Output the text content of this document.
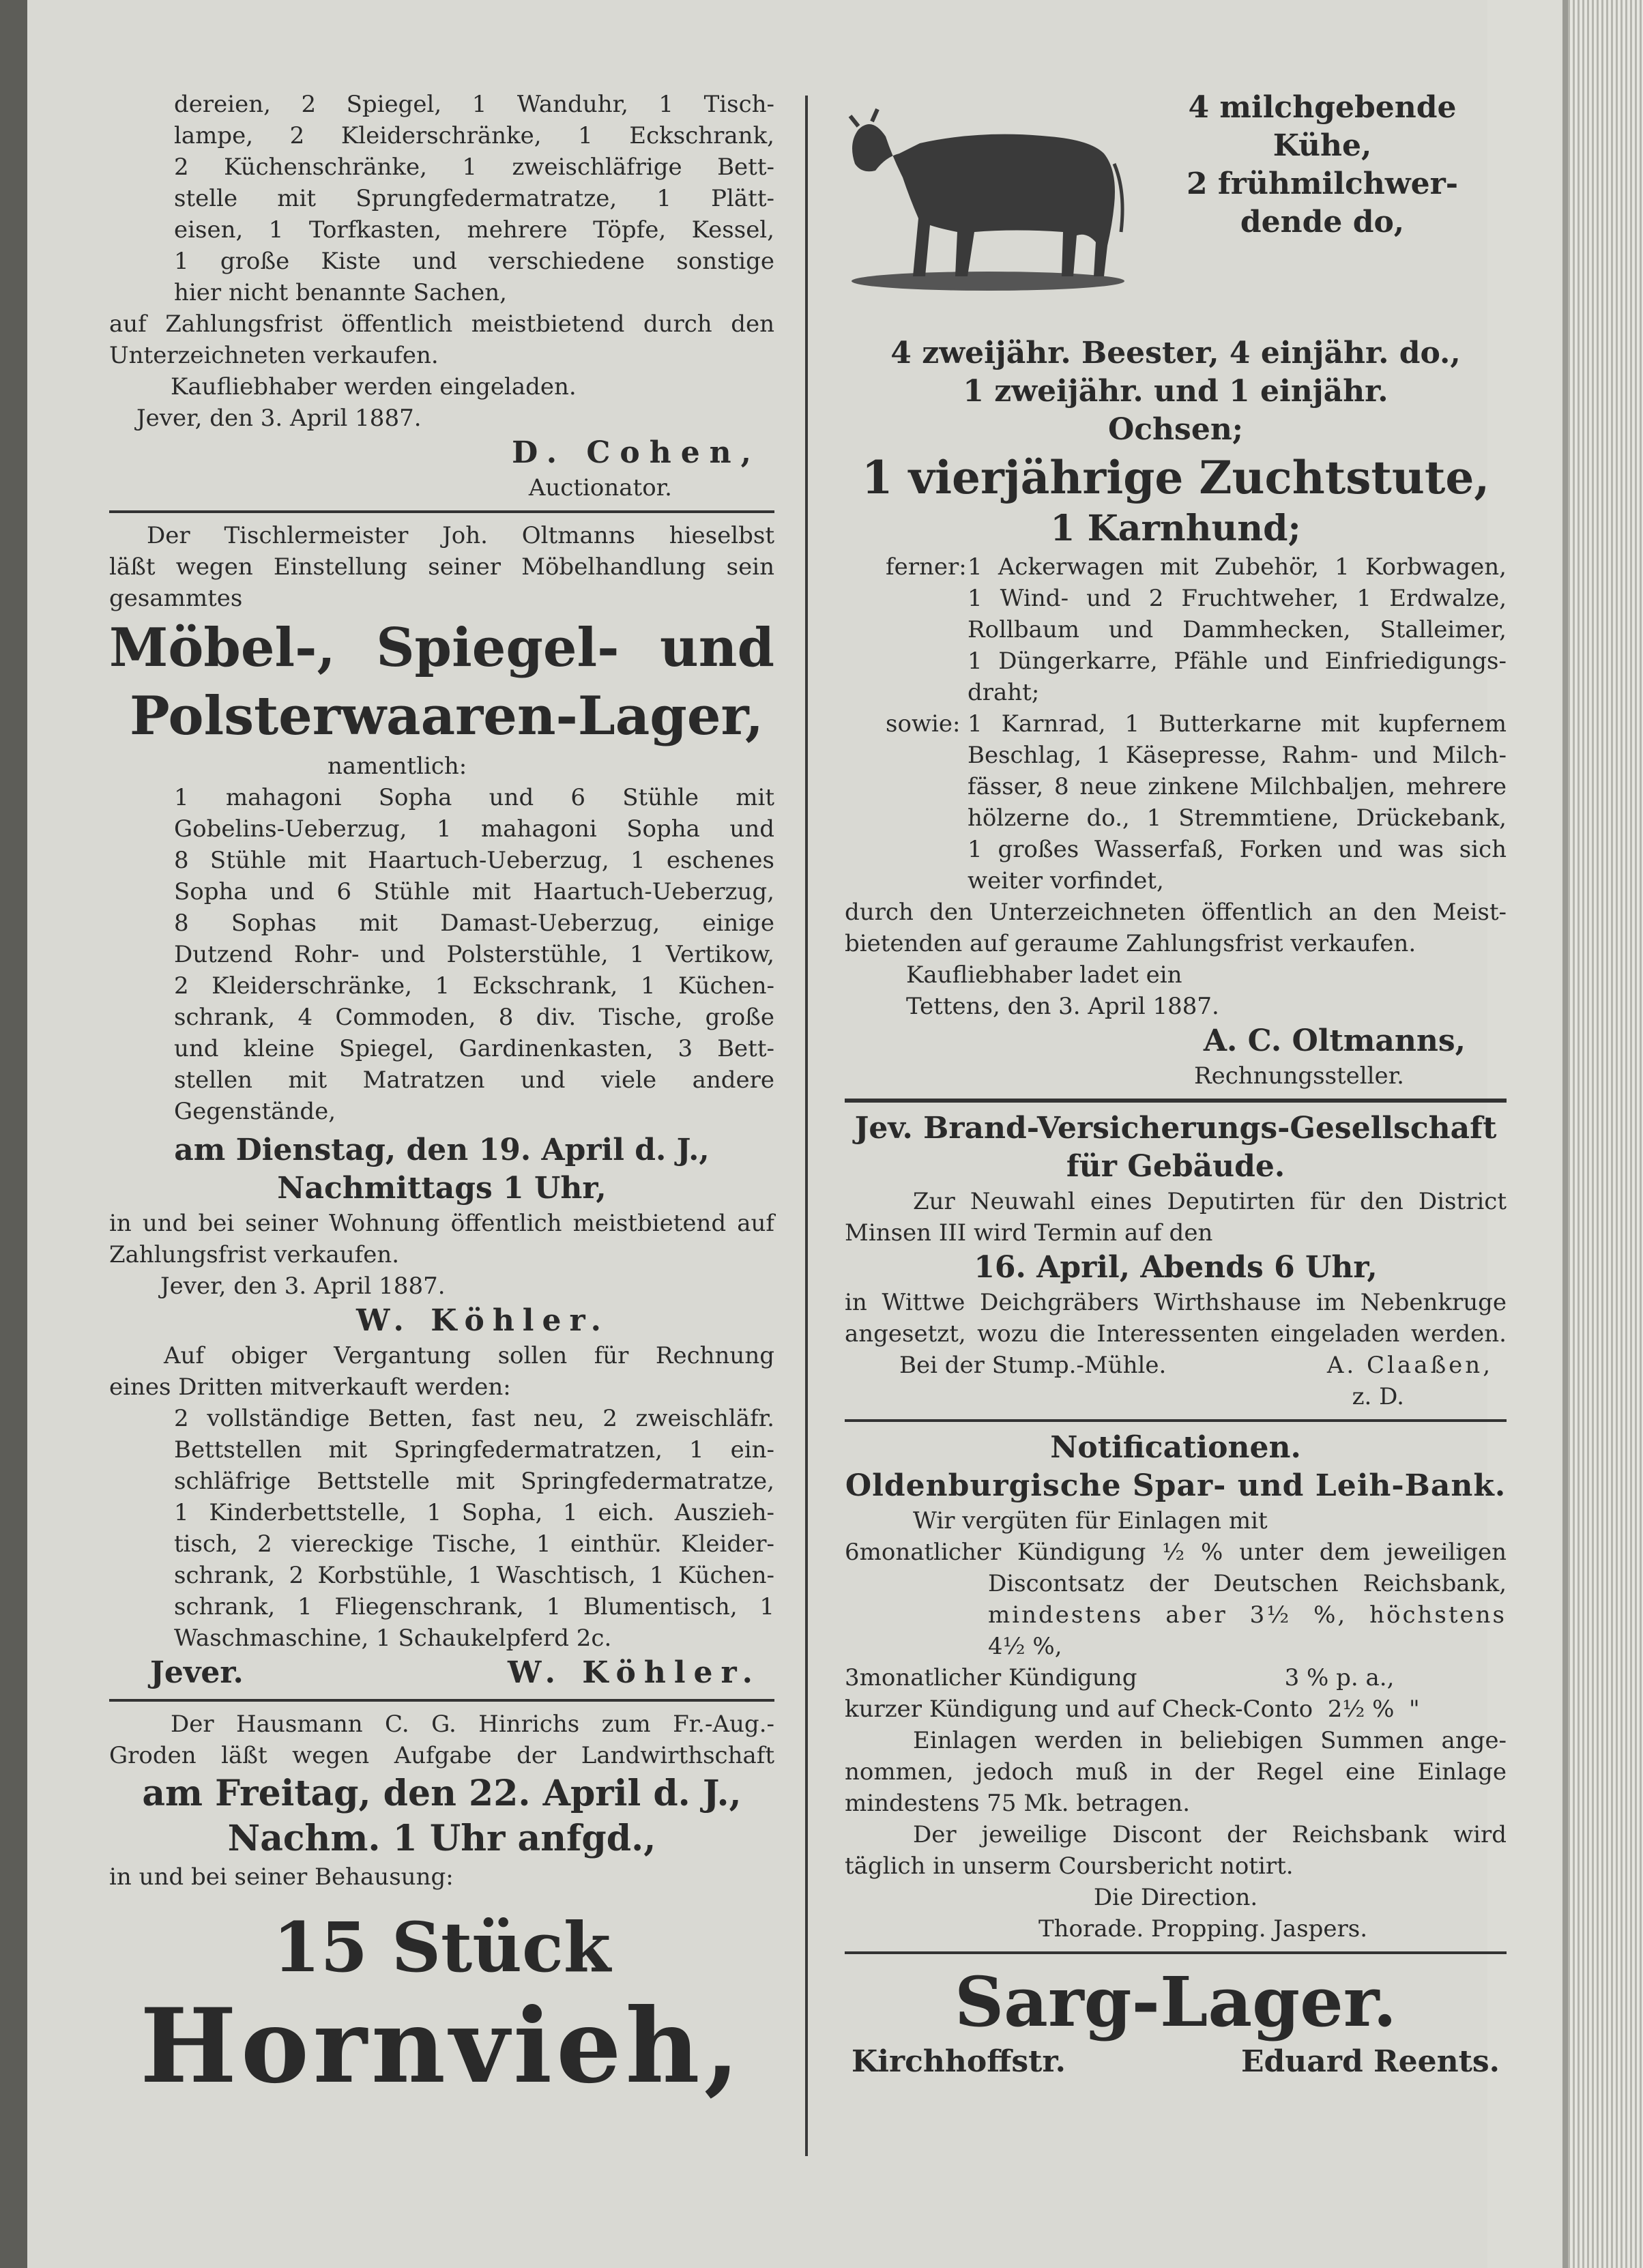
dereien, 2 Spiegel, 1 Wanduhr, 1 Tisch-
lampe, 2 Kleiderschränke, 1 Eckschrank,
2 Küchenschränke, 1 zweischläfrige Bett-
stelle mit Sprungfedermatratze, 1 Plätt-
eisen, 1 Torfkasten, mehrere Töpfe, Kessel,
1 große Kiste und verschiedene sonstige
hier nicht benannte Sachen,
auf Zahlungsfrist öffentlich meistbietend durch den
Unterzeichneten verkaufen.
Kaufliebhaber werden eingeladen.
Jever, den 3. April 1887.
D. Cohen,
Auctionator.
Der Tischlermeister Joh. Oltmanns hieselbst
läßt wegen Einstellung seiner Möbelhandlung sein
gesammtes
Möbel-, Spiegel- und
Polsterwaaren-Lager,
namentlich:
1 mahagoni Sopha und 6 Stühle mit
Gobelins-Ueberzug, 1 mahagoni Sopha und
8 Stühle mit Haartuch-Ueberzug, 1 eschenes
Sopha und 6 Stühle mit Haartuch-Ueberzug,
8 Sophas mit Damast-Ueberzug, einige
Dutzend Rohr- und Polsterstühle, 1 Vertikow,
2 Kleiderschränke, 1 Eckschrank, 1 Küchen-
schrank, 4 Commoden, 8 div. Tische, große
und kleine Spiegel, Gardinenkasten, 3 Bett-
stellen mit Matratzen und viele andere
Gegenstände,
am Dienstag, den 19. April d. J.,
Nachmittags 1 Uhr,
in und bei seiner Wohnung öffentlich meistbietend auf
Zahlungsfrist verkaufen.
Jever, den 3. April 1887.
W. Köhler.
Auf obiger Vergantung sollen für Rechnung
eines Dritten mitverkauft werden:
2 vollständige Betten, fast neu, 2 zweischläfr.
Bettstellen mit Springfedermatratzen, 1 ein-
schläfrige Bettstelle mit Springfedermatratze,
1 Kinderbettstelle, 1 Sopha, 1 eich. Auszieh-
tisch, 2 viereckige Tische, 1 einthür. Kleider-
schrank, 2 Korbstühle, 1 Waschtisch, 1 Küchen-
schrank, 1 Fliegenschrank, 1 Blumentisch, 1
Waschmaschine, 1 Schaukelpferd 2c.
Jever.	W. Köhler.
Der Hausmann C. G. Hinrichs zum Fr.-Aug.-
Groden läßt wegen Aufgabe der Landwirthschaft
am Freitag, den 22. April d. J.,
Nachm. 1 Uhr anfgd.,
in und bei seiner Behausung:
15 Stück
Hornvieh,
4 milchgebende
Kühe,
2 frühmilchwer-
dende do,
4 zweijähr. Beester, 4 einjähr. do.,
1 zweijähr. und 1 einjähr.
Ochsen;
1 vierjährige Zuchtstute,
1 Karnhund;
ferner: 1 Ackerwagen mit Zubehör, 1 Korbwagen,
1 Wind- und 2 Fruchtweher, 1 Erdwalze,
Rollbaum und Dammhecken, Stalleimer,
1 Düngerkarre, Pfähle und Einfriedigungs-
draht;
sowie: 1 Karnrad, 1 Butterkarne mit kupfernem
Beschlag, 1 Käsepresse, Rahm- und Milch-
fässer, 8 neue zinkene Milchbaljen, mehrere
hölzerne do., 1 Stremmtiene, Drückebank,
1 großes Wasserfaß, Forken und was sich
weiter vorfindet,
durch den Unterzeichneten öffentlich an den Meist-
bietenden auf geraume Zahlungsfrist verkaufen.
Kaufliebhaber ladet ein
Tettens, den 3. April 1887.
A. C. Oltmanns,
Rechnungssteller.
Jev. Brand-Versicherungs-Gesellschaft
für Gebäude.
Zur Neuwahl eines Deputirten für den District
Minsen III wird Termin auf den
16. April, Abends 6 Uhr,
in Wittwe Deichgräbers Wirthshause im Nebenkruge
angesetzt, wozu die Interessenten eingeladen werden.
Bei der Stump.-Mühle.	A. Claaßen,
z. D.
Notificationen.
Oldenburgische Spar- und Leih-Bank.
Wir vergüten für Einlagen mit
6monatlicher Kündigung ½ % unter dem jeweiligen
Discontsatz der Deutschen Reichsbank,
mindestens aber 3½ %, höchstens
4½ %,
3monatlicher Kündigung                    3 % p. a.,
kurzer Kündigung und auf Check-Conto  2½ %  "
Einlagen werden in beliebigen Summen ange-
nommen, jedoch muß in der Regel eine Einlage
mindestens 75 Mk. betragen.
Der jeweilige Discont der Reichsbank wird
täglich in unserm Coursbericht notirt.
Die Direction.
Thorade. Propping. Jaspers.
Sarg-Lager.
Kirchhoffstr.	Eduard Reents.
